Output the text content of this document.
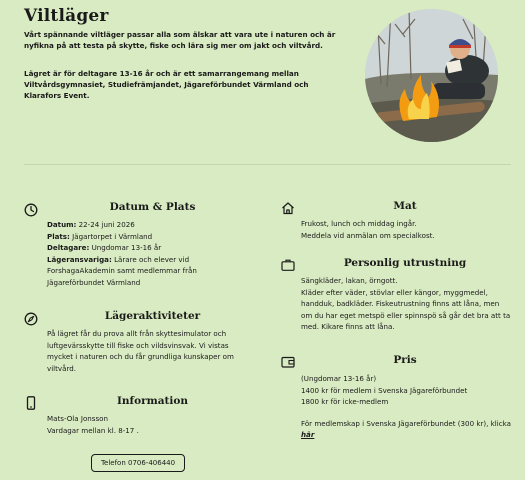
Viltläger

Vårt spännande viltläger passar alla som älskar att vara ute i naturen och är nyfikna på att testa på skytte, fiske och lära sig mer om jakt och viltvård.

Lägret är för deltagare 13-16 år och är ett samarrangemang mellan Viltvårdsgymnasiet, Studiefrämjandet, Jägareförbundet Värmland och Klarafors Event.

Datum & Plats

Datum: 22-24 juni 2026

Plats: Jägartorpet i Värmland

Deltagare: Ungdomar 13-16 år

Lägeransvariga: Lärare och elever vid ForshagaAkademin samt medlemmar från Jägareförbundet Värmland

Lägeraktiviteter

På lägret får du prova allt från skyttesimulator och luftgevärsskytte till fiske och vildsvinsvak. Vi vistas mycket i naturen och du får grundliga kunskaper om viltvård.

Information

Mats-Ola Jonsson

Vardagar mellan kl. 8-17 .

Telefon 0706-406440
Mat

Frukost, lunch och middag ingår.

Meddela vid anmälan om specialkost.

Personlig utrustning

Sängkläder, lakan, örngott.

Kläder efter väder, stövlar eller kängor, myggmedel, handduk, badkläder. Fiskeutrustning finns att låna, men om du har eget metspö eller spinnspö så går det bra att ta med. Kikare finns att låna.

Pris

(Ungdomar 13-16 år)

1400 kr för medlem i Svenska Jägareförbundet

1800 kr för icke-medlem

För medlemskap i Svenska Jägareförbundet (300 kr), klicka här
